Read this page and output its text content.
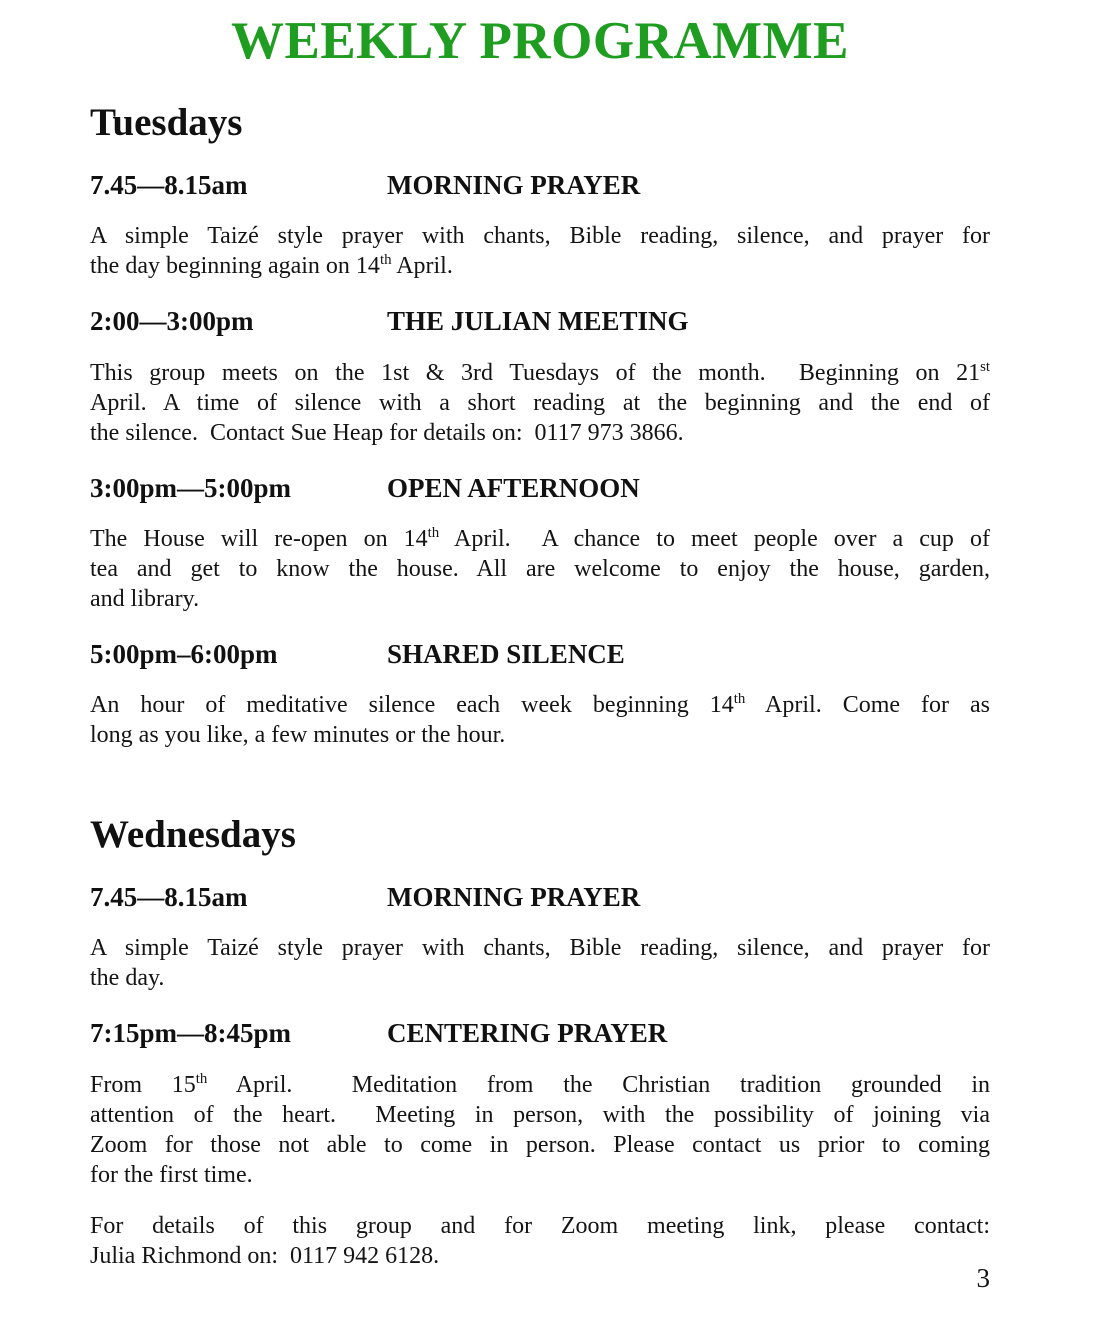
WEEKLY PROGRAMME
Tuesdays
7.45—8.15am	MORNING PRAYER
A simple Taizé style prayer with chants, Bible reading, silence, and prayer for
the day beginning again on 14th April.
2:00—3:00pm	THE JULIAN MEETING
This group meets on the 1st & 3rd Tuesdays of the month.  Beginning on 21st
April. A time of silence with a short reading at the beginning and the end of
the silence.  Contact Sue Heap for details on:  0117 973 3866.
3:00pm—5:00pm	OPEN AFTERNOON
The House will re-open on 14th April.  A chance to meet people over a cup of
tea and get to know the house. All are welcome to enjoy the house, garden,
and library.
5:00pm–6:00pm	SHARED SILENCE
An hour of meditative silence each week beginning 14th April. Come for as
long as you like, a few minutes or the hour.
Wednesdays
7.45—8.15am	MORNING PRAYER
A simple Taizé style prayer with chants, Bible reading, silence, and prayer for
the day.
7:15pm—8:45pm	CENTERING PRAYER
From 15th April.  Meditation from the Christian tradition grounded in
attention of the heart.  Meeting in person, with the possibility of joining via
Zoom for those not able to come in person. Please contact us prior to coming
for the first time.
For details of this group and for Zoom meeting link, please contact:
Julia Richmond on:  0117 942 6128.
3
